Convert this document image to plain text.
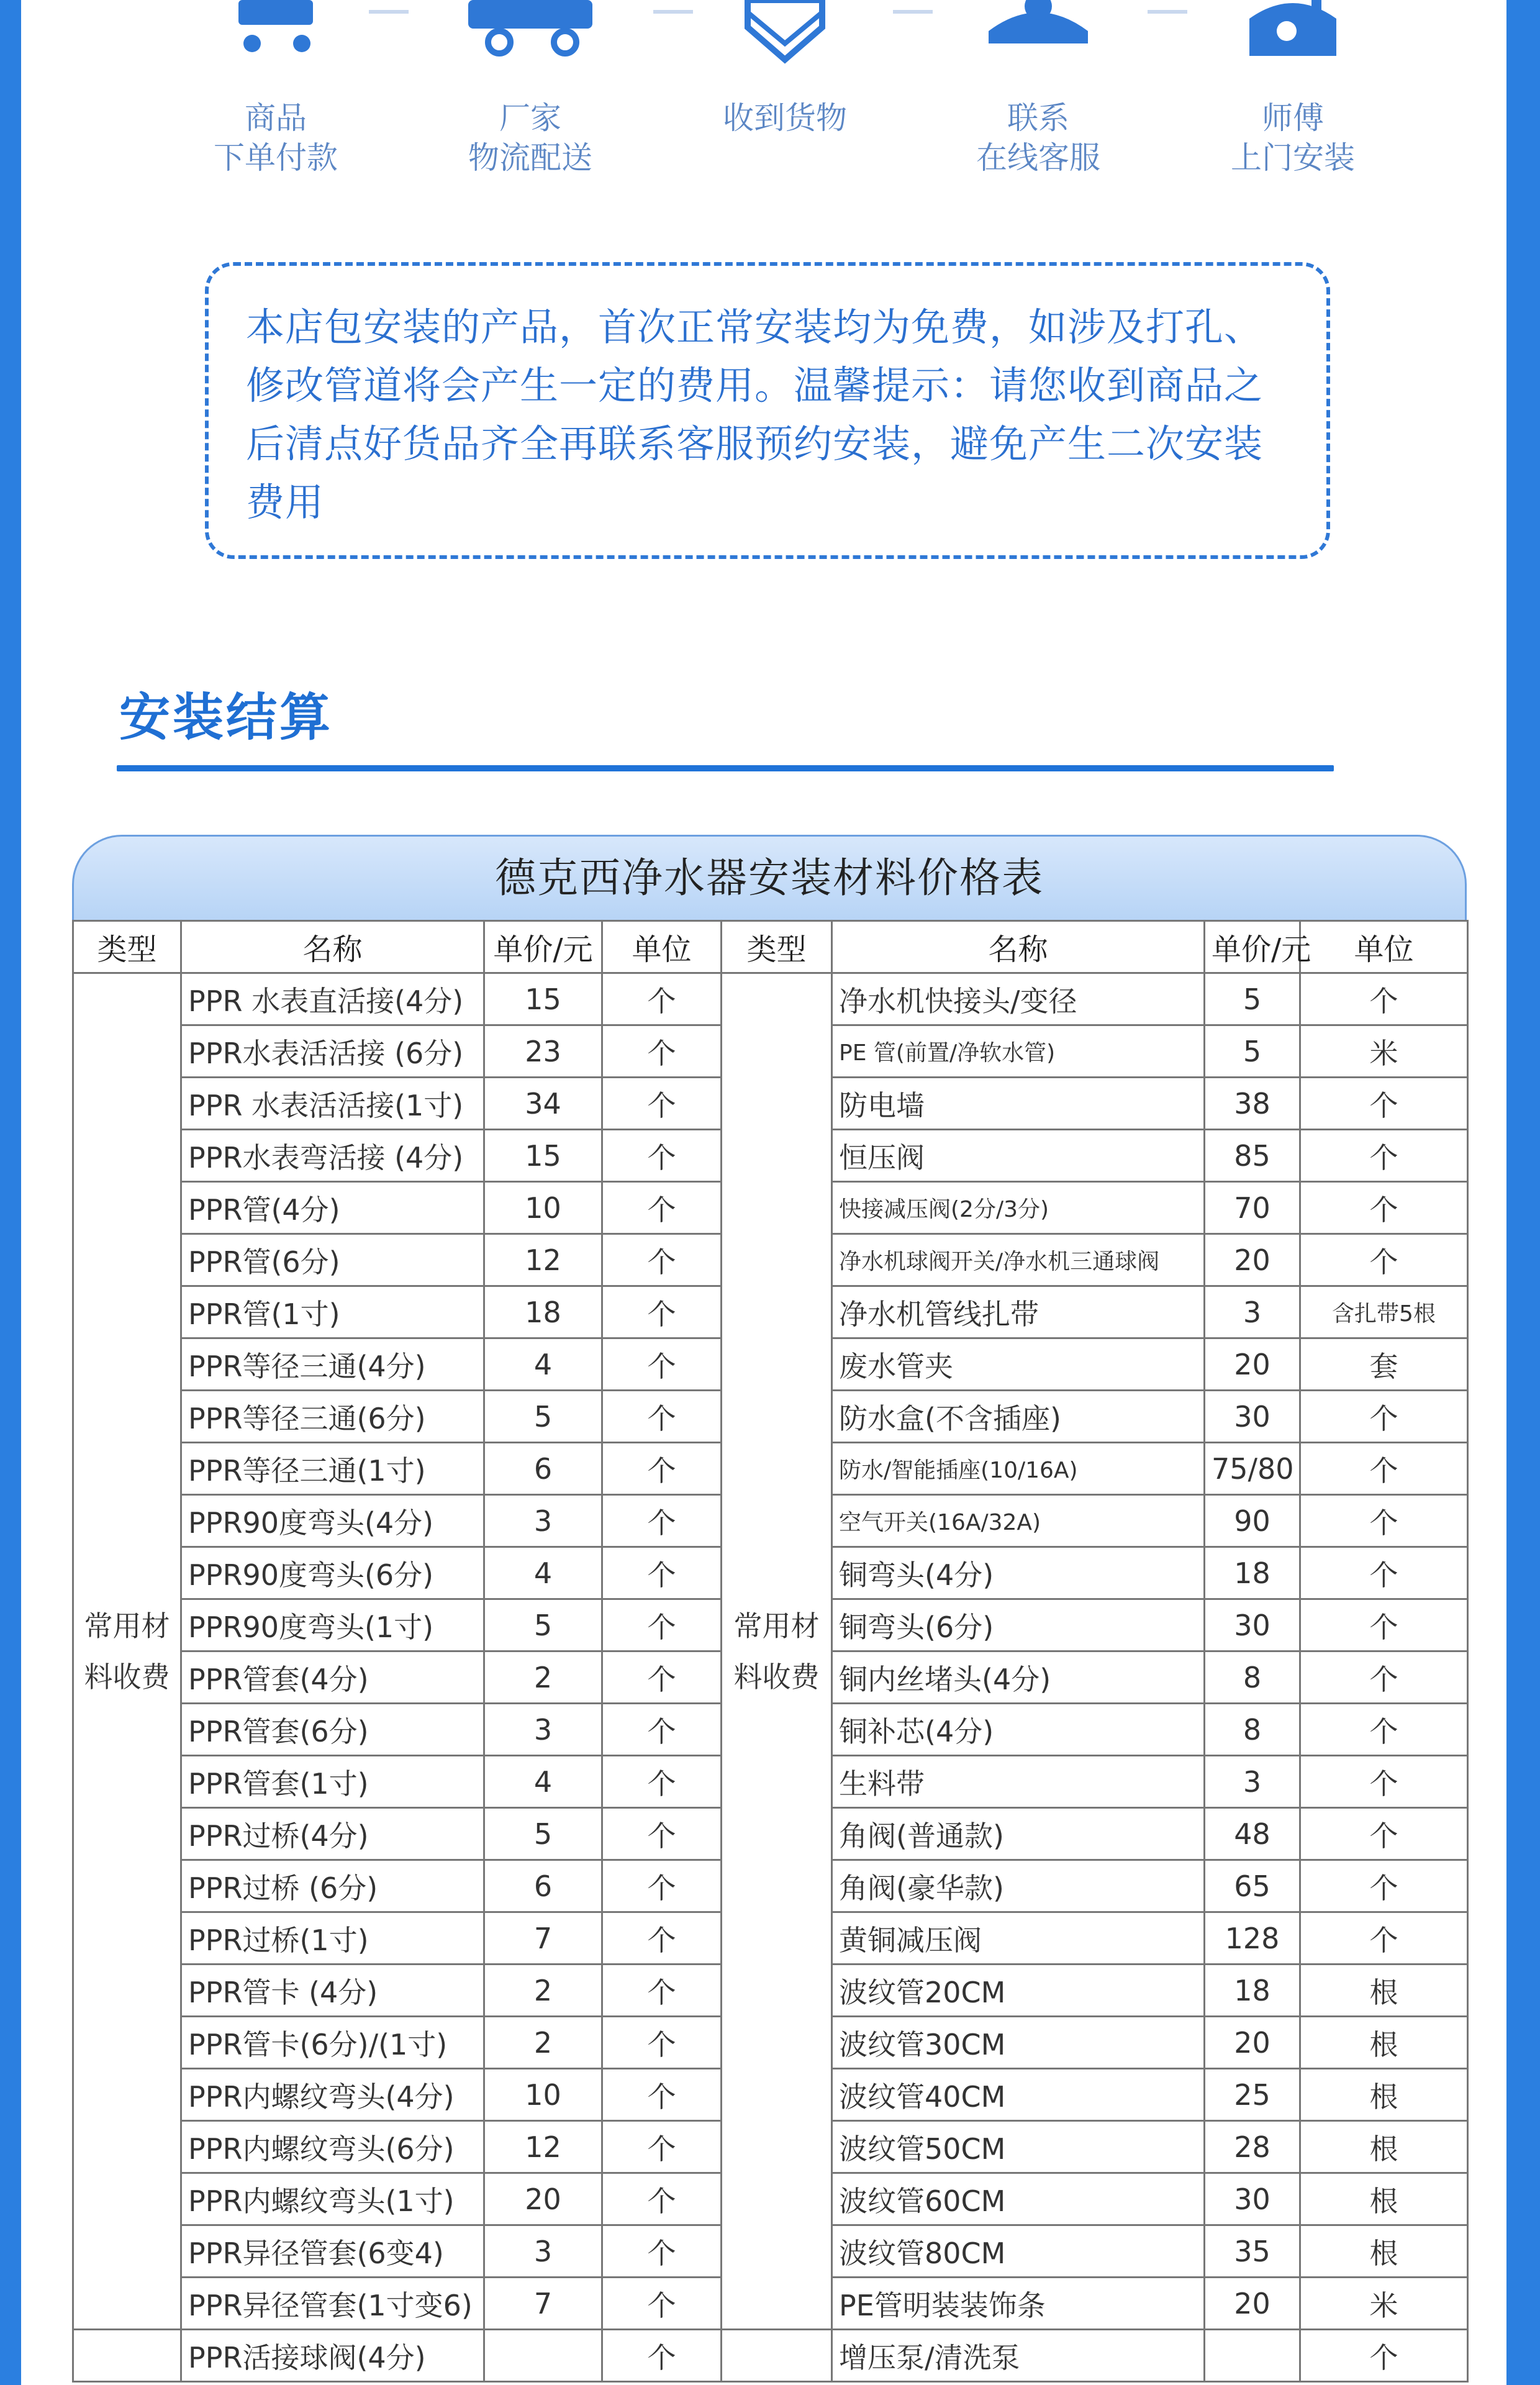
商品
下单付款
厂家
物流配送
收到货物	联系
在线客服
师傅
上门安装
本店包安装的产品，首次正常安装均为免费，如涉及打孔、修改管道将会产生一定的费用。温馨提示：请您收到商品之后清点好货品齐全再联系客服预约安装，避免产生二次安装费用
安装结算
德克西净水器安装材料价格表
类型	名称	单价/元	单位	类型	名称	单价/元	单位
常用材料收费	PPR 水表直活接(4分)	15	个	常用材料收费	净水机快接头/变径	5	个
	PPR水表活活接 (6分)	23	个		PE 管(前置/净软水管)	5	米
	PPR 水表活活接(1寸)	34	个		防电墙	38	个
	PPR水表弯活接 (4分)	15	个		恒压阀	85	个
	PPR管(4分)	10	个		快接减压阀(2分/3分)	70	个
	PPR管(6分)	12	个		净水机球阀开关/净水机三通球阀	20	个
	PPR管(1寸)	18	个		净水机管线扎带	3	含扎带5根
	PPR等径三通(4分)	4	个		废水管夹	20	套
	PPR等径三通(6分)	5	个		防水盒(不含插座)	30	个
	PPR等径三通(1寸)	6	个		防水/智能插座(10/16A)	75/80	个
	PPR90度弯头(4分)	3	个		空气开关(16A/32A)	90	个
	PPR90度弯头(6分)	4	个		铜弯头(4分)	18	个
	PPR90度弯头(1寸)	5	个		铜弯头(6分)	30	个
	PPR管套(4分)	2	个		铜内丝堵头(4分)	8	个
	PPR管套(6分)	3	个		铜补芯(4分)	8	个
	PPR管套(1寸)	4	个		生料带	3	个
	PPR过桥(4分)	5	个		角阀(普通款)	48	个
	PPR过桥 (6分)	6	个		角阀(豪华款)	65	个
	PPR过桥(1寸)	7	个		黄铜减压阀	128	个
	PPR管卡 (4分)	2	个		波纹管20CM	18	根
	PPR管卡(6分)/(1寸)	2	个		波纹管30CM	20	根
	PPR内螺纹弯头(4分)	10	个		波纹管40CM	25	根
	PPR内螺纹弯头(6分)	12	个		波纹管50CM	28	根
	PPR内螺纹弯头(1寸)	20	个		波纹管60CM	30	根
	PPR异径管套(6变4)	3	个		波纹管80CM	35	根
	PPR异径管套(1寸变6)	7	个		PE管明装装饰条	20	米
	PPR活接球阀(4分)		个		增压泵/清洗泵		个
